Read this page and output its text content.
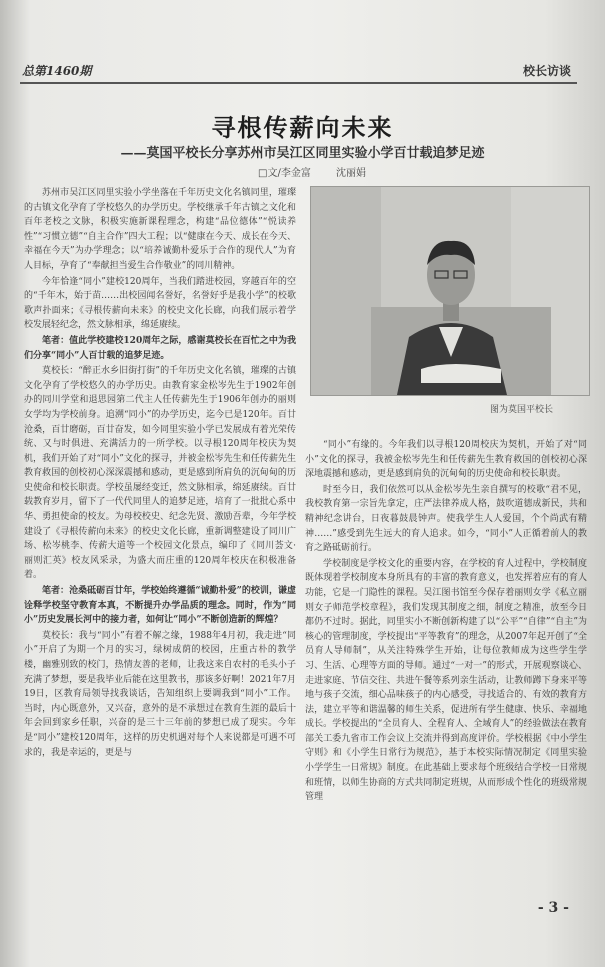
总第1460期	校长访谈
寻根传薪向未来
——莫国平校长分享苏州市吴江区同里实验小学百廿载追梦足迹
□文/李金富	沈丽娟

苏州市吴江区同里实验小学坐落在千年历史文化名镇同里，璀璨的古镇文化孕育了学校悠久的办学历史。学校继承千年古镇之文化和百年老校之文脉，积极实施新课程理念，构建“品位德体”“悦读养性”“习惯立德”“自主合作”四大工程；以“健康在今天、成长在今天、幸福在今天”为办学理念；以“培养诚勤朴爱乐于合作的现代人”为育人目标，孕育了“奉献担当爱生合作敬业”的同川精神。

今年恰逢“同小”建校120周年，当我们踏进校园，穿越百年的空的“千年木，始于苗……出校园闻名誉好，名誉好乎是我小学”的校歌歌声扑面来；《寻根传薪向未来》的校史文化长廊，向我们展示着学校发展轻纪念，然文脉相承，绵延赓续。

笔者：值此学校建校120周年之际，感谢莫校长在百忙之中为我们分享“同小”人百廿载的追梦足迹。

莫校长：“醉正水乡旧街打街”的千年历史文化名镇，璀璨的古镇文化孕育了学校悠久的办学历史。由教育家金松岑先生于1902年创办的同川学堂和退思园第二代主人任传薪先生于1906年创办的丽则女学均为学校前身。追溯“同小”的办学历史，迄今已是120年。百廿沧桑，百廿磨砺，百廿奋发，如今同里实验小学已发展成有着光荣传统、又与时俱进、充满活力的一所学校。以寻根120周年校庆为契机，我们开始了对“同小”文化的探寻，并被金松岑先生和任传薪先生教育救国的创校初心深深震撼和感动，更是感到所肩负的沉甸甸的历史使命和校长职责。学校虽屡经变迁，然文脉相承，绵延赓续。百廿载教育岁月，留下了一代代同里人的追梦足迹，培育了一批批心系中华、勇担使命的校友。为母校校史、纪念先贤、激励吾辈，今年学校建设了《寻根传薪向未来》的校史文化长廊，重新调整建设了同川广场、松岑桃李、传薪大道等一个校园文化景点，编印了《同川荟文·丽则汇英》校友风采录，为盛大而庄重的120周年校庆在积极准备着。

笔者：沧桑砥砺百廿年，学校始终遵循“诚勤朴爱”的校训，谦虚诠释学校坚守教育本真，不断提升办学品质的理念。同时，作为“同小”历史发展长河中的接力者，如何让“同小”不断创造新的辉煌？

莫校长：我与“同小”有着不解之缘，1988年4月初，我走进“同小”开启了为期一个月的实习，绿树成荫的校园，庄重古朴的教学楼，幽雅别致的校门，热情友善的老师，让我这来自农村的毛头小子充满了梦想，要是我毕业后能在这里教书，那该多好啊！2021年7月19日，区教育局领导找我谈话，告知组织上要调我到“同小”工作。当时，内心既意外，又兴奋，意外的是不承想过在教育生涯的最后十年会回到家乡任职，兴奋的是三十三年前的梦想已成了现实。今年是“同小”建校120周年，这样的历史机遇对每个人来说都是可遇不可求的，我是幸运的，更是与

图为莫国平校长

“同小”有缘的。今年我们以寻根120周校庆为契机，开始了对“同小”文化的探寻，我被金松岑先生和任传薪先生教育救国的创校初心深深地震撼和感动，更是感到肩负的沉甸甸的历史使命和校长职责。

时至今日，我们依然可以从金松岑先生亲自撰写的校歌“君不见，我校教育第一宗旨先拿定，庄严法律养成人格，鼓吹道德成新民，共和精神纪念讲台，日夜暮鼓晨钟声。使我学生人人爱国，个个尚武有精神……”感受到先生远大的育人追求。如今，“同小”人正循着前人的教育之路砥砺前行。

学校制度是学校文化的重要内容，在学校的育人过程中，学校制度既体现着学校制度本身所具有的丰富的教育意义，也发挥着应有的育人功能，它是一门隐性的课程。吴江图书馆至今保存着丽则女学《私立丽则女子师范学校章程》，我们发现其制度之细，制度之精准，放至今日都仍不过时。据此，同里实小不断创新构建了以“公平”“自律”“自主”为核心的管理制度，学校提出“平等教育”的理念，从2007年起开创了“全员育人导师制”，从关注特殊学生开始，让每位教师成为这些学生学习、生活、心理等方面的导师。通过“一对一”的形式，开展观察谈心、走进家庭、节信交往、共进午餐等系列亲生活动，让教师蹲下身来平等地与孩子交流，细心品味孩子的内心感受，寻找适合的、有效的教育方法，建立平等和谐温馨的师生关系，促进所有学生健康、快乐、幸福地成长。学校提出的“全员育人、全程育人、全域育人”的经验做法在教育部关工委九省市工作会议上交流并得到高度评价。学校根据《中小学生守则》和《小学生日常行为规范》，基于本校实际情况制定《同里实验小学学生一日常规》制度。在此基础上要求每个班级结合学校一日常规和班情，以师生协商的方式共同制定班规，从而形成个性化的班级常规管理

- 3 -
